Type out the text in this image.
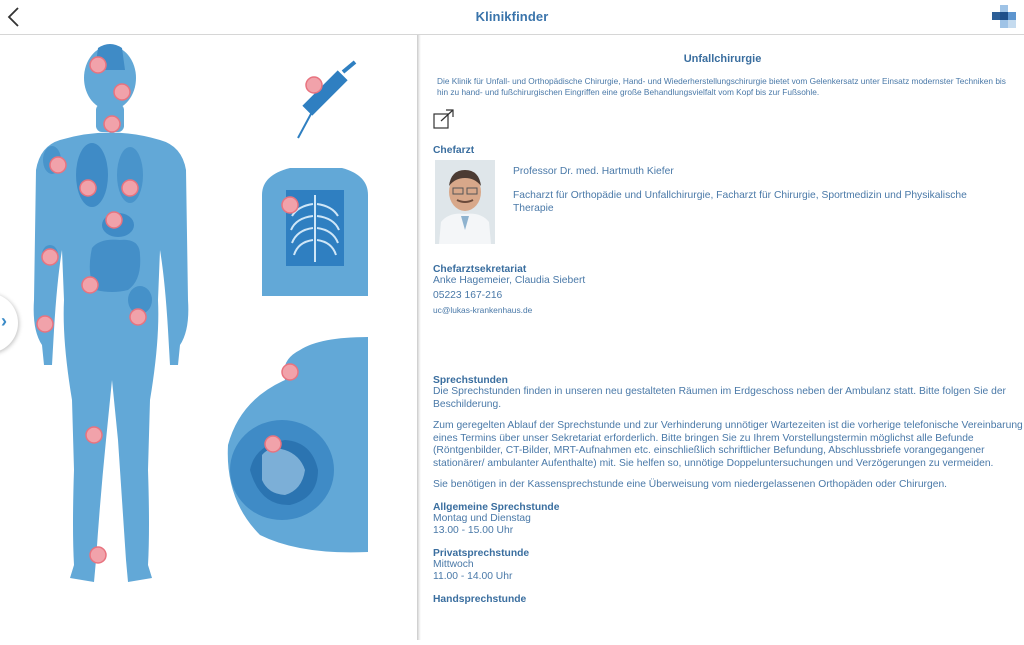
Klinikfinder
›
Unfallchirurgie
Die Klinik für Unfall- und Orthopädische Chirurgie, Hand- und Wiederherstellungschirurgie bietet vom Gelenkersatz unter Einsatz modernster Techniken bis hin zu hand- und fußchirurgischen Eingriffen eine große Behandlungsvielfalt vom Kopf bis zur Fußsohle.
Chefarzt
Professor Dr. med. Hartmuth Kiefer
Facharzt für Orthopädie und Unfallchirurgie, Facharzt für Chirurgie, Sportmedizin und Physikalische Therapie
Chefarztsekretariat
Anke Hagemeier, Claudia Siebert
05223 167-216
uc@lukas-krankenhaus.de
Sprechstunden

Die Sprechstunden finden in unseren neu gestalteten Räumen im Erdgeschoss neben der Ambulanz statt. Bitte folgen Sie der Beschilderung.

Zum geregelten Ablauf der Sprechstunde und zur Verhinderung unnötiger Wartezeiten ist die vorherige telefonische Vereinbarung eines Termins über unser Sekretariat erforderlich. Bitte bringen Sie zu Ihrem Vorstellungstermin möglichst alle Befunde (Röntgenbilder, CT-Bilder, MRT-Aufnahmen etc. einschließlich schriftlicher Befundung, Abschlussbriefe vorangegangener stationärer/ ambulanter Aufenthalte) mit. Sie helfen so, unnötige Doppeluntersuchungen und Verzögerungen zu vermeiden.

Sie benötigen in der Kassensprechstunde eine Überweisung vom niedergelassenen Orthopäden oder Chirurgen.

Allgemeine Sprechstunde
Montag und Dienstag
13.00 - 15.00 Uhr
Privatsprechstunde
Mittwoch
11.00 - 14.00 Uhr
Handsprechstunde
